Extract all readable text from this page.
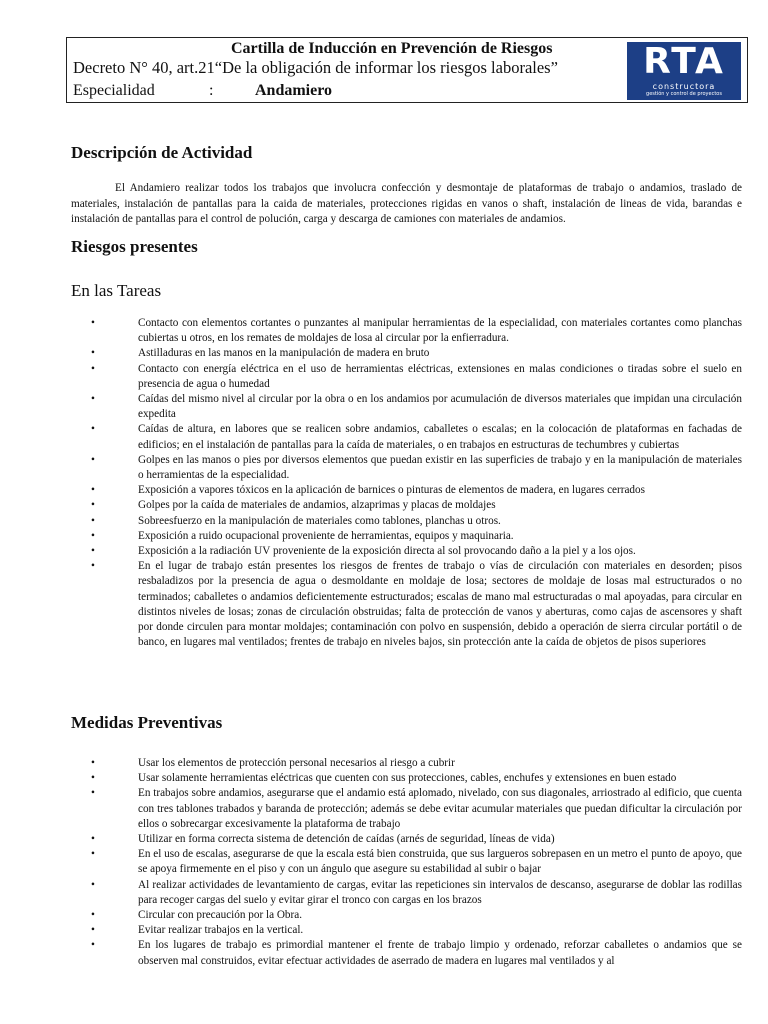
Cartilla de Inducción en Prevención de Riesgos
Decreto N° 40, art.21“De la obligación de informar los riesgos laborales”
Especialidad	:	Andamiero
RTA
constructora
gestión y control de proyectos
Descripción de Actividad

El Andamiero realizar todos los trabajos que involucra confección y desmontaje de plataformas de trabajo o andamios, traslado de materiales, instalación de pantallas para la caida de materiales, protecciones rigidas en vanos o shaft, instalación de lineas de vida, barandas e instalación de pantallas para el control de polución, carga y descarga de camiones con materiales de andamios.

Riesgos presentes
En las Tareas
•	Contacto con elementos cortantes o punzantes al manipular herramientas de la especialidad, con materiales cortantes como planchas cubiertas u otros, en los remates de moldajes de losa al circular por la enfierradura.
•	Astilladuras en las manos en la manipulación de madera en bruto
•	Contacto con energía eléctrica en el uso de herramientas eléctricas, extensiones en malas condiciones o tiradas sobre el suelo en presencia de agua o humedad
•	Caídas del mismo nivel al circular por la obra o en los andamios por acumulación de diversos materiales que impidan una circulación expedita
•	Caídas de altura, en labores que se realicen sobre andamios, caballetes o escalas; en la colocación de plataformas en fachadas de edificios; en el instalación de pantallas para la caída de materiales, o en trabajos en estructuras de techumbres y cubiertas
•	Golpes en las manos o pies por diversos elementos que puedan existir en las superficies de trabajo y en la manipulación de materiales o herramientas de la especialidad.
•	Exposición a vapores tóxicos en la aplicación de barnices o pinturas de elementos de madera, en lugares cerrados
•	Golpes por la caída de materiales de andamios, alzaprimas y placas de moldajes
•	Sobreesfuerzo en la manipulación de materiales como tablones, planchas u otros.
•	Exposición a ruido ocupacional proveniente de herramientas, equipos y maquinaria.
•	Exposición a la radiación UV proveniente de la exposición directa al sol provocando daño a la piel y a los ojos.
•	En el lugar de trabajo están presentes los riesgos de frentes de trabajo o vías de circulación con materiales en desorden; pisos resbaladizos por la presencia de agua o desmoldante en moldaje de losa; sectores de moldaje de losas mal estructurados o no terminados; caballetes o andamios deficientemente estructurados; escalas de mano mal estructuradas o mal apoyadas, para circular en distintos niveles de losas; zonas de circulación obstruidas; falta de protección de vanos y aberturas, como cajas de ascensores y shaft por donde circulen para montar moldajes; contaminación con polvo en suspensión, debido a operación de sierra circular portátil o de banco, en lugares mal ventilados; frentes de trabajo en niveles bajos, sin protección ante la caída de objetos de pisos superiores
Medidas Preventivas
•	Usar los elementos de protección personal necesarios al riesgo a cubrir
•	Usar solamente herramientas eléctricas que cuenten con sus protecciones, cables, enchufes y extensiones en buen estado
•	En trabajos sobre andamios, asegurarse que el andamio está aplomado, nivelado, con sus diagonales, arriostrado al edificio, que cuenta con tres tablones trabados y baranda de protección; además se debe evitar acumular materiales que puedan dificultar la circulación por ellos o sobrecargar excesivamente la plataforma de trabajo
•	Utilizar en forma correcta sistema de detención de caídas (arnés de seguridad, líneas de vida)
•	En el uso de escalas, asegurarse de que la escala está bien construida, que sus largueros sobrepasen en un metro el punto de apoyo, que se apoya firmemente en el piso y con un ángulo que asegure su estabilidad al subir o bajar
•	Al realizar actividades de levantamiento de cargas, evitar las repeticiones sin intervalos de descanso, asegurarse de doblar las rodillas para recoger cargas del suelo y evitar girar el tronco con cargas en los brazos
•	Circular con precaución por la Obra.
•	Evitar realizar trabajos en la vertical.
•	En los lugares de trabajo es primordial mantener el frente de trabajo limpio y ordenado, reforzar caballetes o andamios que se observen mal construidos, evitar efectuar actividades de aserrado de madera en lugares mal ventilados y al
